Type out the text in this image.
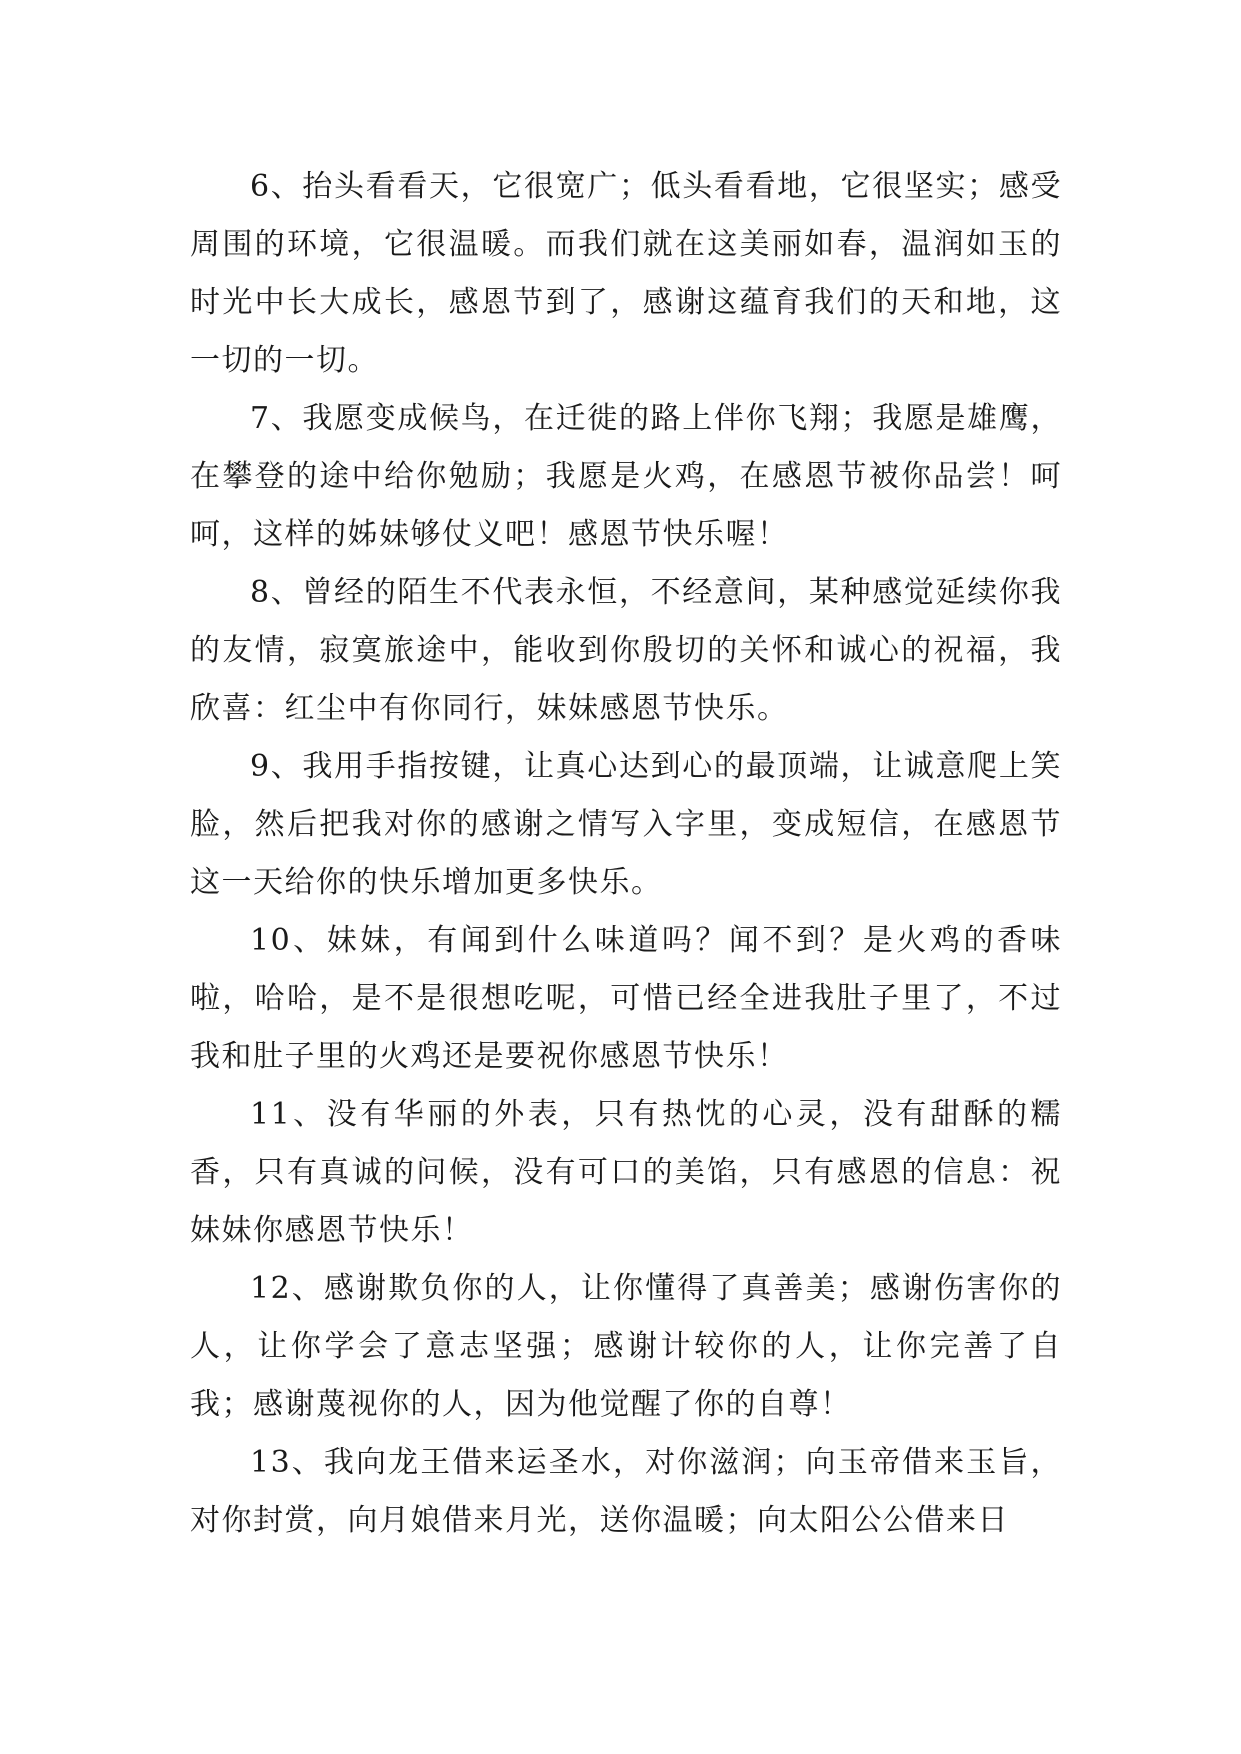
6、抬头看看天，它很宽广；低头看看地，它很坚实；感受周围的环境，它很温暖。而我们就在这美丽如春，温润如玉的时光中长大成长，感恩节到了，感谢这蕴育我们的天和地，这一切的一切。

7、我愿变成候鸟，在迁徙的路上伴你飞翔；我愿是雄鹰，在攀登的途中给你勉励；我愿是火鸡，在感恩节被你品尝！呵呵，这样的姊妹够仗义吧！感恩节快乐喔！

8、曾经的陌生不代表永恒，不经意间，某种感觉延续你我的友情，寂寞旅途中，能收到你殷切的关怀和诚心的祝福，我欣喜：红尘中有你同行，妹妹感恩节快乐。

9、我用手指按键，让真心达到心的最顶端，让诚意爬上笑脸，然后把我对你的感谢之情写入字里，变成短信，在感恩节这一天给你的快乐增加更多快乐。

10、妹妹，有闻到什么味道吗？闻不到？是火鸡的香味啦，哈哈，是不是很想吃呢，可惜已经全进我肚子里了，不过我和肚子里的火鸡还是要祝你感恩节快乐！

11、没有华丽的外表，只有热忱的心灵，没有甜酥的糯香，只有真诚的问候，没有可口的美馅，只有感恩的信息：祝妹妹你感恩节快乐！

12、感谢欺负你的人，让你懂得了真善美；感谢伤害你的人，让你学会了意志坚强；感谢计较你的人，让你完善了自我；感谢蔑视你的人，因为他觉醒了你的自尊！

13、我向龙王借来运圣水，对你滋润；向玉帝借来玉旨，对你封赏，向月娘借来月光，送你温暖；向太阳公公借来日
